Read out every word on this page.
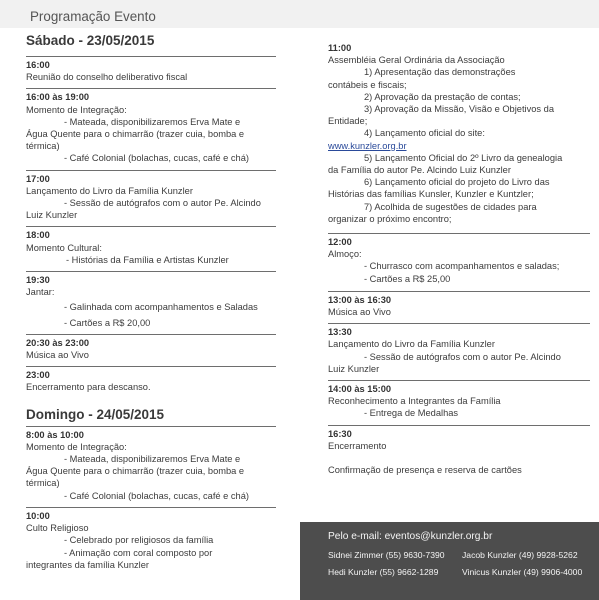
Programação Evento
Sábado - 23/05/2015
16:00
Reunião do conselho deliberativo fiscal
16:00 às 19:00
Momento de Integração:
- Mateada, disponibilizaremos Erva Mate e
Água Quente para o chimarrão (trazer cuia, bomba e térmica)
- Café Colonial (bolachas, cucas, café e chá)
17:00
Lançamento do Livro da Família Kunzler
- Sessão de autógrafos com o autor Pe. Alcindo
Luiz Kunzler
18:00
Momento Cultural:
- Histórias da Família e Artistas Kunzler
19:30
Jantar:
- Galinhada com acompanhamentos e Saladas
- Cartões a R$ 20,00
20:30 às 23:00
Música ao Vivo
23:00
Encerramento para descanso.
Domingo - 24/05/2015
8:00 às 10:00
Momento de Integração:
- Mateada, disponibilizaremos Erva Mate e
Água Quente para o chimarrão (trazer cuia, bomba e térmica)
- Café Colonial (bolachas, cucas, café e chá)
10:00
Culto Religioso
- Celebrado por religiosos da família
- Animação com coral composto por
integrantes da família Kunzler
11:00
Assembléia Geral Ordinária da Associação
1) Apresentação das demonstrações
contábeis e fiscais;
2) Aprovação da prestação de contas;
3) Aprovação da Missão, Visão e Objetivos da
Entidade;
4) Lançamento oficial do site:
www.kunzler.org.br
5) Lançamento Oficial do 2º Livro da genealogia
da Família do autor Pe. Alcindo Luiz Kunzler
6) Lançamento oficial do projeto do Livro das
Histórias das famílias Kunsler, Kunzler e Kuntzler;
7) Acolhida de sugestões de cidades para
organizar o próximo encontro;
12:00
Almoço:
- Churrasco com acompanhamentos e saladas;
- Cartões a R$ 25,00
13:00 às 16:30
Música ao Vivo
13:30
Lançamento do Livro da Família Kunzler
- Sessão de autógrafos com o autor Pe. Alcindo
Luiz Kunzler
14:00 às 15:00
Reconhecimento a Integrantes da Família
- Entrega de Medalhas
16:30
Encerramento
Confirmação de presença e reserva de cartões
Pelo e-mail: eventos@kunzler.org.br
Sidnei Zimmer (55) 9630-7390 Jacob Kunzler (49) 9928-5262
Hedi Kunzler (55) 9662-1289	Vinicus Kunzler (49) 9906-4000
